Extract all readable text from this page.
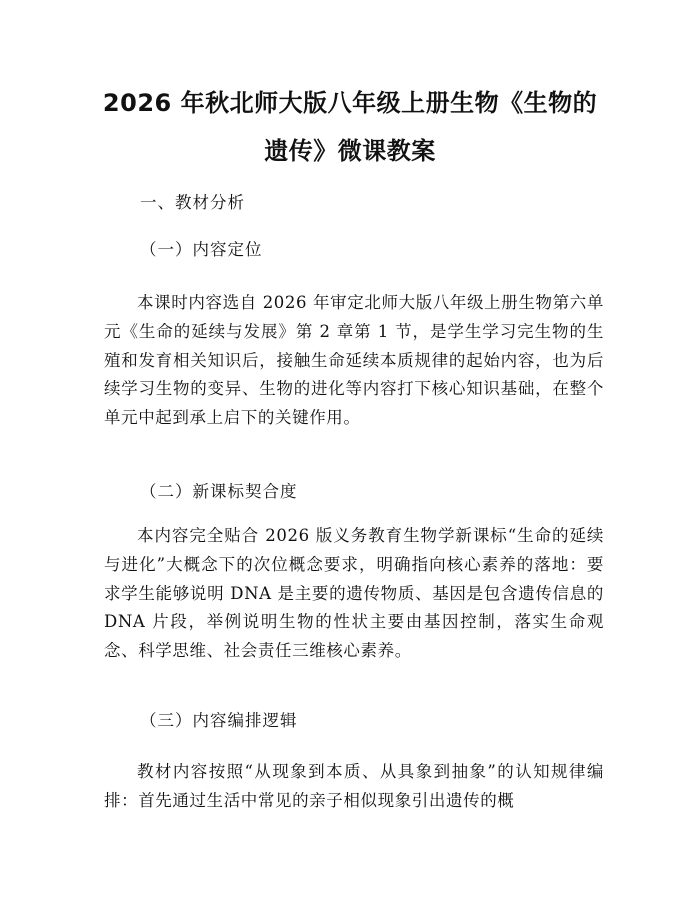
2026 年秋北师大版八年级上册生物《生物的
遗传》微课教案
一、教材分析
（一）内容定位
本课时内容选自 2026 年审定北师大版八年级上册生物第六单元《生命的延续与发展》第 2 章第 1 节，是学生学习完生物的生殖和发育相关知识后，接触生命延续本质规律的起始内容，也为后续学习生物的变异、生物的进化等内容打下核心知识基础，在整个单元中起到承上启下的关键作用。
（二）新课标契合度
本内容完全贴合 2026 版义务教育生物学新课标“生命的延续与进化”大概念下的次位概念要求，明确指向核心素养的落地：要求学生能够说明 DNA 是主要的遗传物质、基因是包含遗传信息的 DNA 片段，举例说明生物的性状主要由基因控制，落实生命观念、科学思维、社会责任三维核心素养。
（三）内容编排逻辑
教材内容按照“从现象到本质、从具象到抽象”的认知规律编排：首先通过生活中常见的亲子相似现象引出遗传的概
